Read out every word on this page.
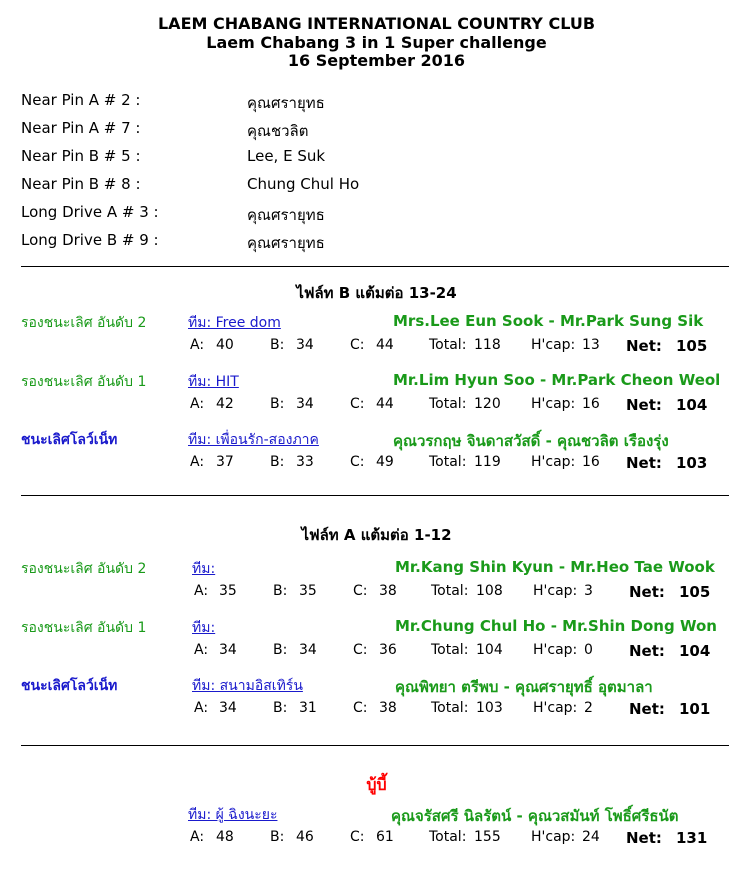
LAEM CHABANG INTERNATIONAL COUNTRY CLUB
Laem Chabang 3 in 1 Super challenge
16 September 2016
Near Pin A # 2 :	คุณศรายุทธ
Near Pin A # 7 :	คุณชวลิต
Near Pin B # 5 :	Lee, E Suk
Near Pin B # 8 :	Chung Chul Ho
Long Drive A # 3 :	คุณศรายุทธ
Long Drive B # 9 :	คุณศรายุทธ
ไฟล์ท B แต้มต่อ 13-24
รองชนะเลิศ อันดับ 2	ทีม: Free dom	Mrs.Lee Eun Sook - Mr.Park Sung Sik
A: 40	B: 34	C: 44	Total: 118 H'cap: 13 Net: 105
รองชนะเลิศ อันดับ 1	ทีม: HIT	Mr.Lim Hyun Soo - Mr.Park Cheon Weol
A: 42	B: 34	C: 44	Total: 120 H'cap: 16 Net: 104
ชนะเลิศโลว์เน็ท	ทีม: เพื่อนรัก-สองภาค	คุณวรกฤษ จินดาสวัสดิ์ - คุณชวลิต เรืองรุ่ง
A: 37	B: 33	C: 49	Total: 119 H'cap: 16 Net: 103
ไฟล์ท A แต้มต่อ 1-12
รองชนะเลิศ อันดับ 2	ทีม:	Mr.Kang Shin Kyun - Mr.Heo Tae Wook
A: 35	B: 35	C: 38 Total: 108 H'cap: 3 Net: 105
รองชนะเลิศ อันดับ 1	ทีม:	Mr.Chung Chul Ho - Mr.Shin Dong Won
A: 34	B: 34	C: 36 Total: 104 H'cap: 0 Net: 104
ชนะเลิศโลว์เน็ท	ทีม: สนามอิสเทิร์น	คุณพิทยา ตรีพบ - คุณศรายุทธิ์ อุตมาลา
A: 34	B: 31	C: 38 Total: 103 H'cap: 2 Net: 101
บู้บี้
ทีม: ผู้ ฉิงนะยะ	คุณจรัสศรี นิลรัตน์ - คุณวสมันท์ โพธิ์ศรีธนัต
A: 48	B: 46	C: 61	Total: 155 H'cap: 24 Net: 131
